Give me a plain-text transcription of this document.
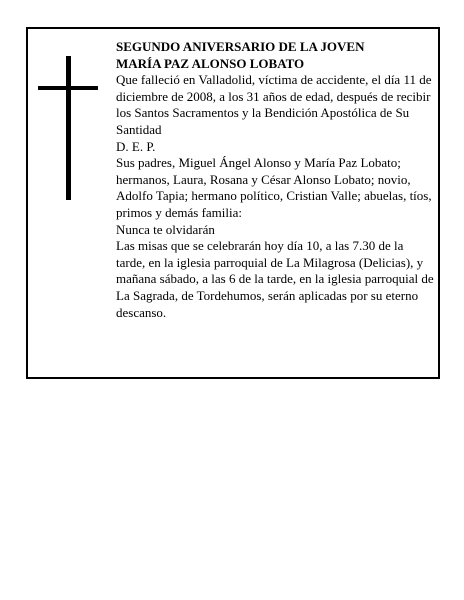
SEGUNDO ANIVERSARIO DE LA JOVEN

MARÍA PAZ ALONSO LOBATO

Que falleció en Valladolid, víctima de accidente, el día 11 de diciembre de 2008, a los 31 años de edad, después de recibir los Santos Sacramentos y la Bendición Apostólica de Su Santidad

D. E. P.

Sus padres, Miguel Ángel Alonso y María Paz Lobato; hermanos, Laura, Rosana y César Alonso Lobato; novio, Adolfo Tapia; hermano político, Cristian Valle; abuelas, tíos, primos y demás familia:

Nunca te olvidarán

Las misas que se celebrarán hoy día 10, a las 7.30 de la tarde, en la iglesia parroquial de La Milagrosa (Delicias), y mañana sábado, a las 6 de la tarde, en la iglesia parroquial de La Sagrada, de Tordehumos, serán aplicadas por su eterno descanso.
